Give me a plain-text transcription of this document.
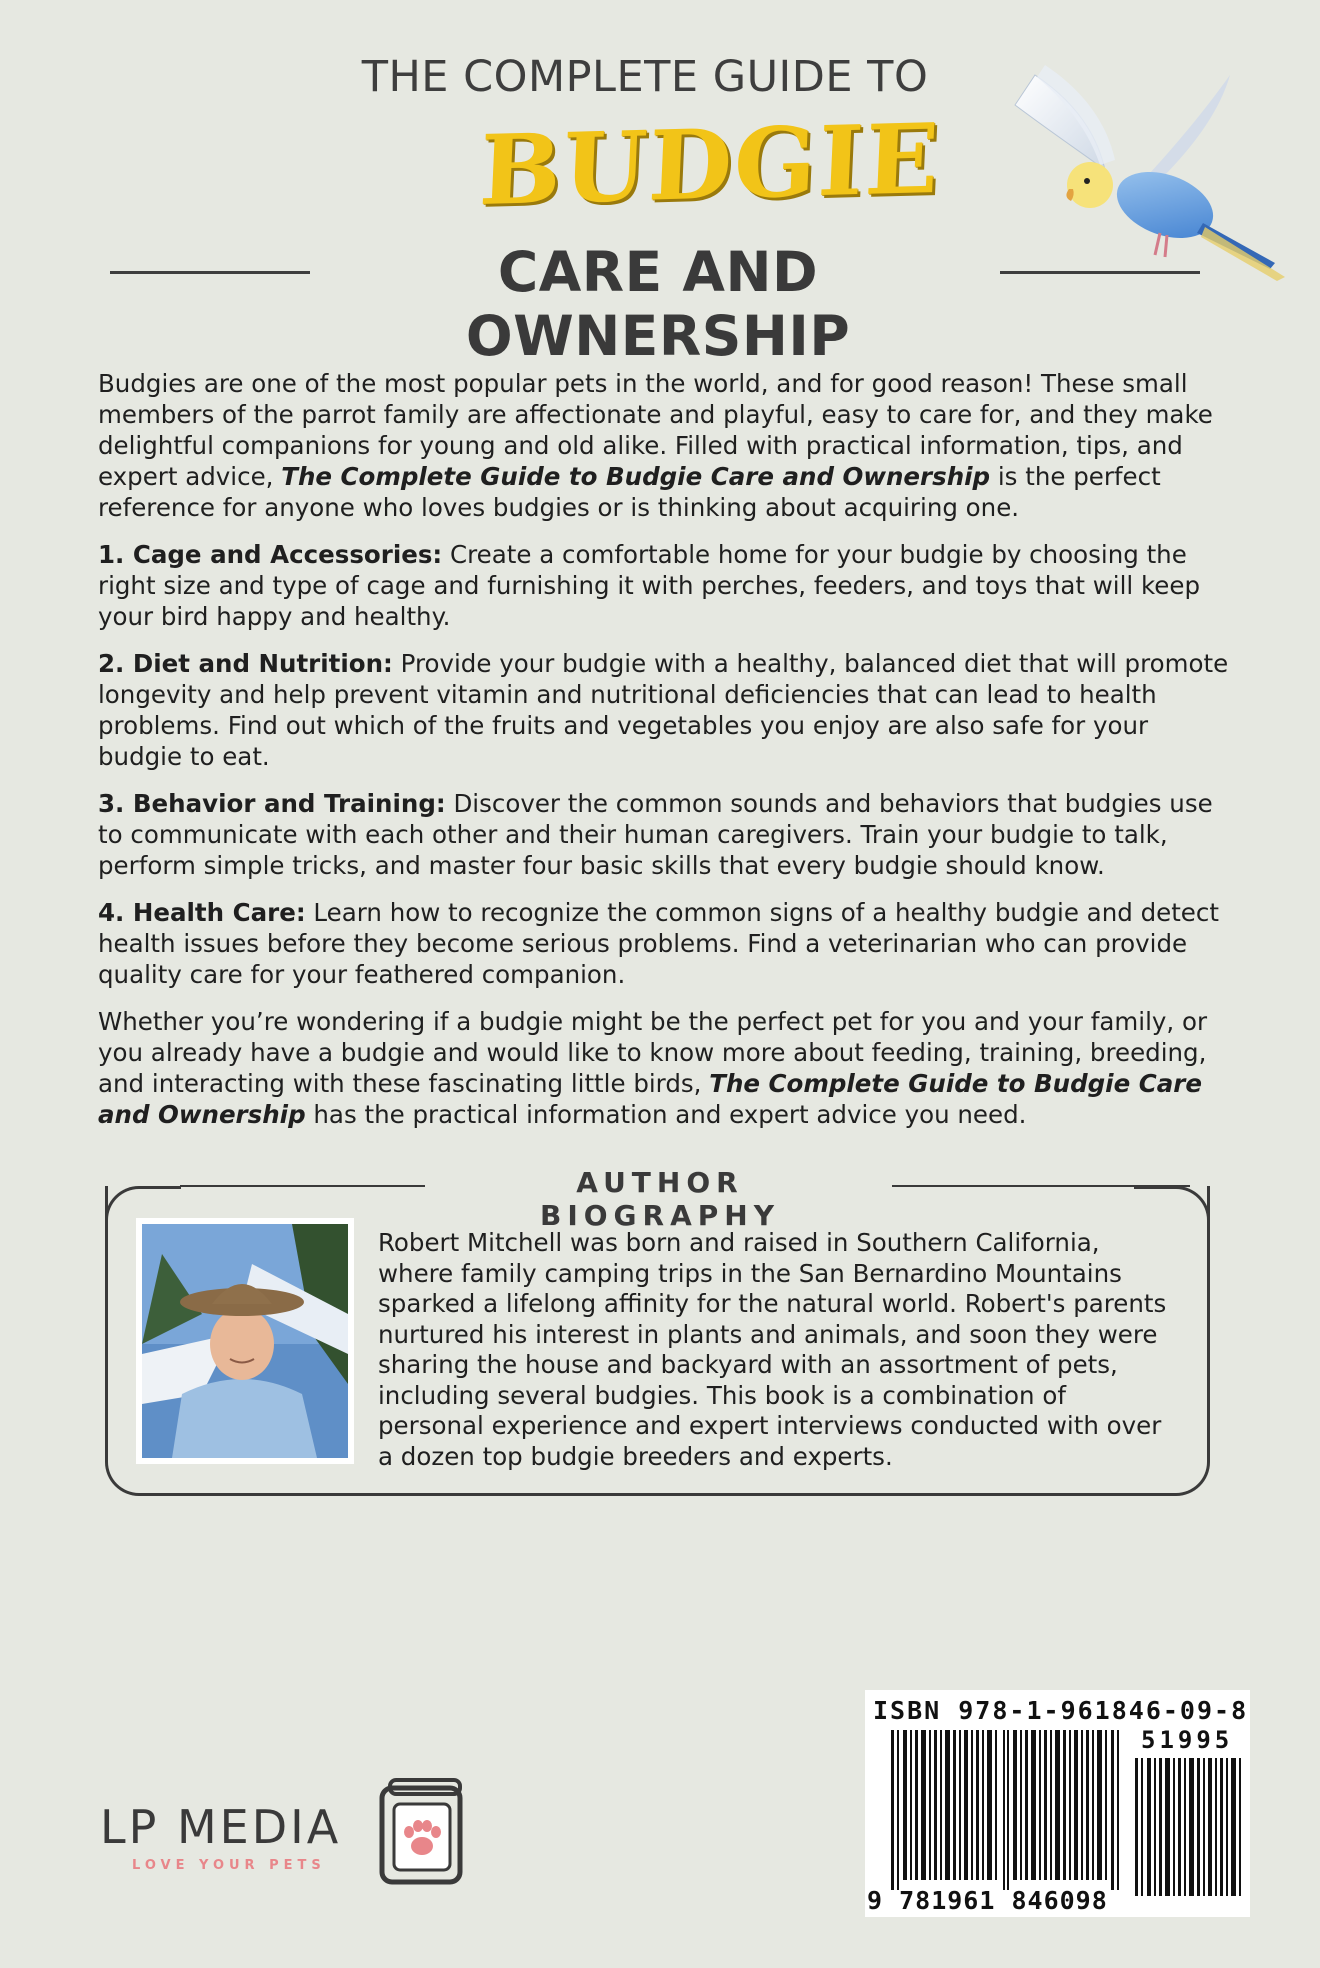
THE COMPLETE GUIDE TO
BUDGIE
CARE AND OWNERSHIP

Budgies are one of the most popular pets in the world, and for good reason! These small members of the parrot family are affectionate and playful, easy to care for, and they make delightful companions for young and old alike. Filled with practical information, tips, and expert advice, The Complete Guide to Budgie Care and Ownership is the perfect reference for anyone who loves budgies or is thinking about acquiring one.

1. Cage and Accessories: Create a comfortable home for your budgie by choosing the right size and type of cage and furnishing it with perches, feeders, and toys that will keep your bird happy and healthy.

2. Diet and Nutrition: Provide your budgie with a healthy, balanced diet that will promote longevity and help prevent vitamin and nutritional deficiencies that can lead to health problems. Find out which of the fruits and vegetables you enjoy are also safe for your budgie to eat.

3. Behavior and Training: Discover the common sounds and behaviors that budgies use to communicate with each other and their human caregivers. Train your budgie to talk, perform simple tricks, and master four basic skills that every budgie should know.

4. Health Care: Learn how to recognize the common signs of a healthy budgie and detect health issues before they become serious problems. Find a veterinarian who can provide quality care for your feathered companion.

Whether you’re wondering if a budgie might be the perfect pet for you and your family, or you already have a budgie and would like to know more about feeding, training, breeding, and interacting with these fascinating little birds, The Complete Guide to Budgie Care and Ownership has the practical information and expert advice you need.

AUTHOR BIOGRAPHY
Robert Mitchell was born and raised in Southern California, where family camping trips in the San Bernardino Mountains sparked a lifelong affinity for the natural world. Robert's parents nurtured his interest in plants and animals, and soon they were sharing the house and backyard with an assortment of pets, including several budgies. This book is a combination of personal experience and expert interviews conducted with over a dozen top budgie breeders and experts.
LP MEDIA
LOVE YOUR PETS
ISBN 978-1-961846-09-8
51995
9 781961 846098
